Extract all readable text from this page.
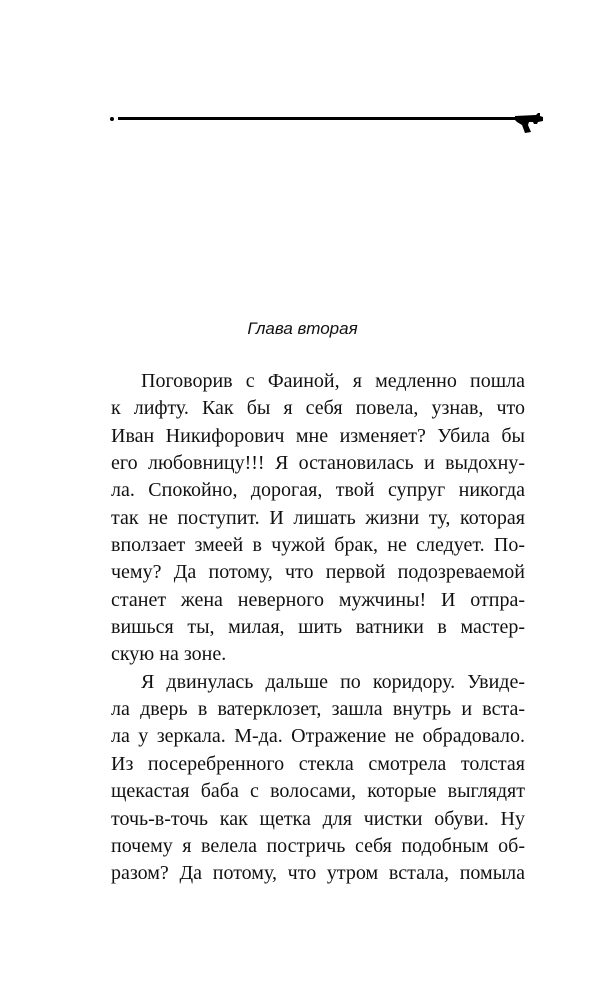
Глава вторая
Поговорив с Фаиной, я медленно пошла
к лифту. Как бы я себя повела, узнав, что
Иван Никифорович мне изменяет? Убила бы
его любовницу!!! Я остановилась и выдохну-
ла. Спокойно, дорогая, твой супруг никогда
так не поступит. И лишать жизни ту, которая
вползает змеей в чужой брак, не следует. По-
чему? Да потому, что первой подозреваемой
станет жена неверного мужчины! И отпра-
вишься ты, милая, шить ватники в мастер-
скую на зоне.
Я двинулась дальше по коридору. Увиде-
ла дверь в ватерклозет, зашла внутрь и вста-
ла у зеркала. М-да. Отражение не обрадовало.
Из посеребренного стекла смотрела толстая
щекастая баба с волосами, которые выглядят
точь-в-точь как щетка для чистки обуви. Ну
почему я велела постричь себя подобным об-
разом? Да потому, что утром встала, помыла
